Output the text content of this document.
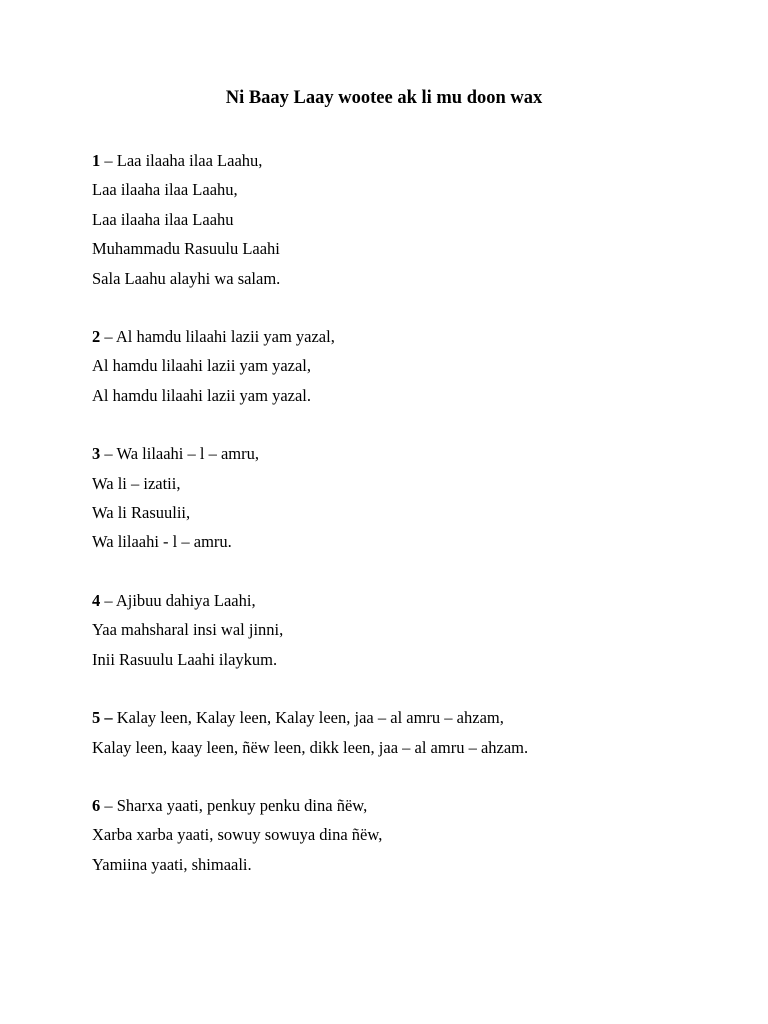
Ni Baay Laay wootee ak li mu doon wax

1 – Laa ilaaha ilaa Laahu,

Laa ilaaha ilaa Laahu,

Laa ilaaha ilaa Laahu

Muhammadu Rasuulu Laahi

Sala Laahu alayhi wa salam.

2 – Al hamdu lilaahi lazii yam yazal,

Al hamdu lilaahi lazii yam yazal,

Al hamdu lilaahi lazii yam yazal.

3 – Wa lilaahi – l – amru,

Wa li – izatii,

Wa li Rasuulii,

Wa lilaahi - l – amru.

4 – Ajibuu dahiya Laahi,

Yaa mahsharal insi wal jinni,

Inii Rasuulu Laahi ilaykum.

5 – Kalay leen, Kalay leen, Kalay leen, jaa – al amru – ahzam,

Kalay leen, kaay leen, ñëw leen, dikk leen, jaa – al amru – ahzam.

6 – Sharxa yaati, penkuy penku dina ñëw,

Xarba xarba yaati, sowuy sowuya dina ñëw,

Yamiina yaati, shimaali.
